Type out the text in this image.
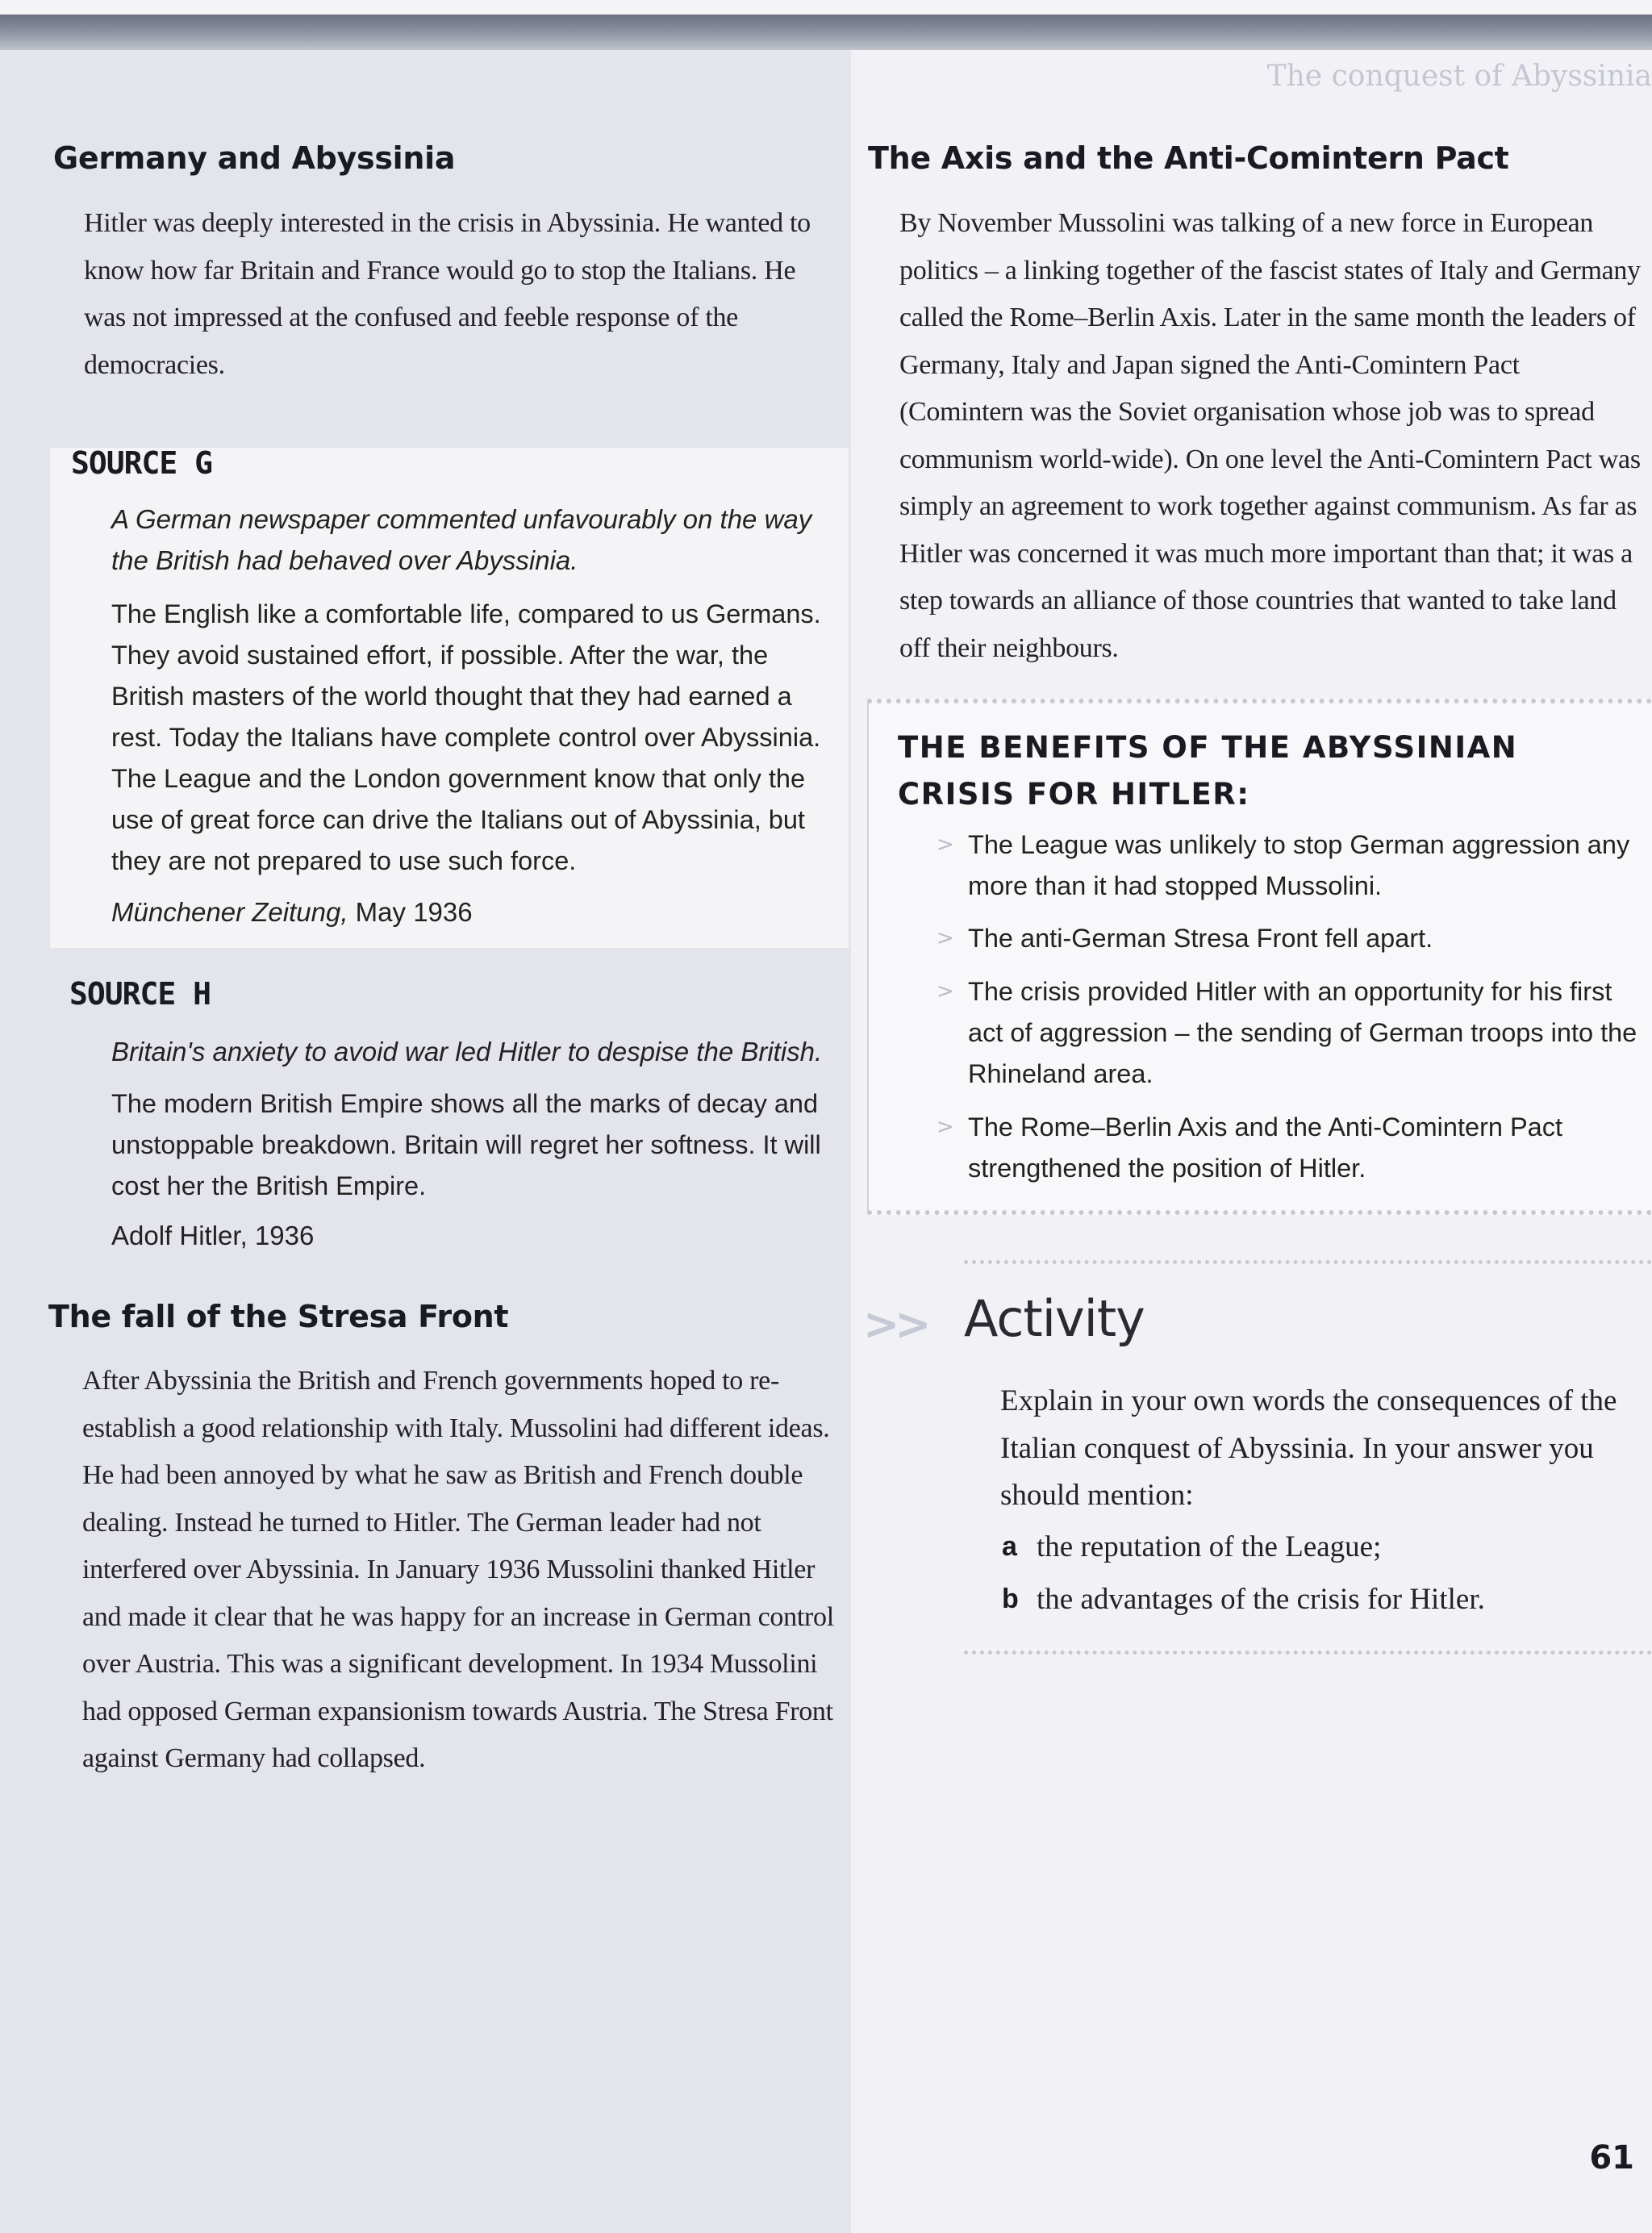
The conquest of Abyssinia
Germany and Abyssinia

Hitler was deeply interested in the crisis in Abyssinia. He wanted to know how far Britain and France would go to stop the Italians. He was not impressed at the confused and feeble response of the democracies.

SOURCE G

A German newspaper commented unfavourably on the way the British had behaved over Abyssinia.

The English like a comfortable life, compared to us Germans. They avoid sustained effort, if possible. After the war, the British masters of the world thought that they had earned a rest. Today the Italians have complete control over Abyssinia. The League and the London government know that only the use of great force can drive the Italians out of Abyssinia, but they are not prepared to use such force.

Münchener Zeitung, May 1936
SOURCE H

Britain's anxiety to avoid war led Hitler to despise the British.

The modern British Empire shows all the marks of decay and unstoppable breakdown. Britain will regret her softness. It will cost her the British Empire.

Adolf Hitler, 1936
The fall of the Stresa Front

After Abyssinia the British and French governments hoped to re-establish a good relationship with Italy. Mussolini had different ideas. He had been annoyed by what he saw as British and French double dealing. Instead he turned to Hitler. The German leader had not interfered over Abyssinia. In January 1936 Mussolini thanked Hitler and made it clear that he was happy for an increase in German control over Austria. This was a significant development. In 1934 Mussolini had opposed German expansionism towards Austria. The Stresa Front against Germany had collapsed.

The Axis and the Anti-Comintern Pact

By November Mussolini was talking of a new force in European politics – a linking together of the fascist states of Italy and Germany called the Rome–Berlin Axis. Later in the same month the leaders of Germany, Italy and Japan signed the Anti-Comintern Pact (Comintern was the Soviet organisation whose job was to spread communism world-wide). On one level the Anti-Comintern Pact was simply an agreement to work together against communism. As far as Hitler was concerned it was much more important than that; it was a step towards an alliance of those countries that wanted to take land off their neighbours.

THE BENEFITS OF THE ABYSSINIAN CRISIS FOR HITLER:
> The League was unlikely to stop German aggression any more than it had stopped Mussolini.

> The anti-German Stresa Front fell apart.

> The crisis provided Hitler with an opportunity for his first act of aggression – the sending of German troops into the Rhineland area.

> The Rome–Berlin Axis and the Anti-Comintern Pact strengthened the position of Hitler.

>> Activity

Explain in your own words the consequences of the Italian conquest of Abyssinia. In your answer you should mention:

a the reputation of the League;
b the advantages of the crisis for Hitler.
61
